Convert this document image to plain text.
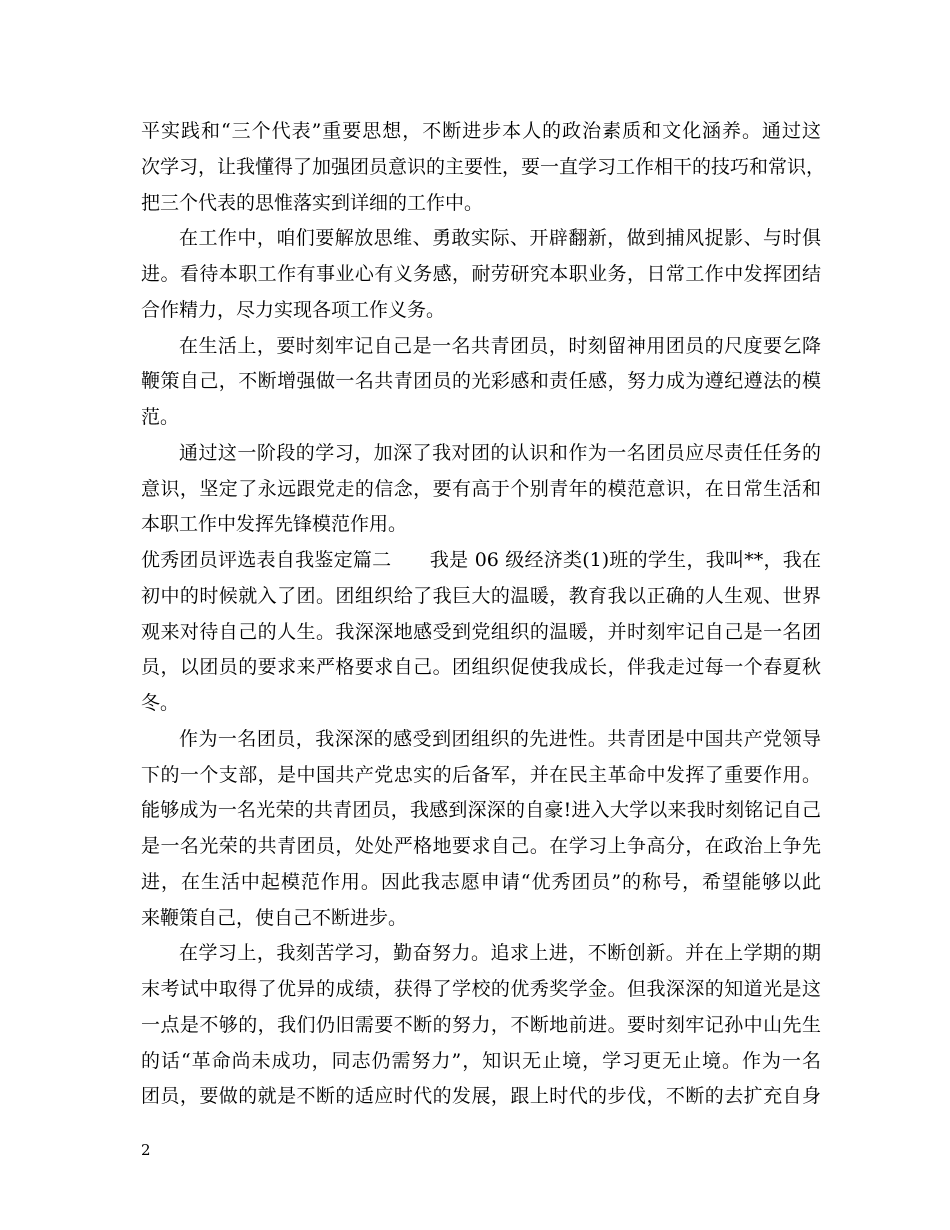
平实践和“三个代表”重要思想，不断进步本人的政治素质和文化涵养。通过这
次学习，让我懂得了加强团员意识的主要性，要一直学习工作相干的技巧和常识，
把三个代表的思惟落实到详细的工作中。
在工作中，咱们要解放思维、勇敢实际、开辟翻新，做到捕风捉影、与时俱
进。看待本职工作有事业心有义务感，耐劳研究本职业务，日常工作中发挥团结
合作精力，尽力实现各项工作义务。
在生活上，要时刻牢记自己是一名共青团员，时刻留神用团员的尺度要乞降
鞭策自己，不断增强做一名共青团员的光彩感和责任感，努力成为遵纪遵法的模
范。
通过这一阶段的学习，加深了我对团的认识和作为一名团员应尽责任任务的
意识，坚定了永远跟党走的信念，要有高于个别青年的模范意识，在日常生活和
本职工作中发挥先锋模范作用。
优秀团员评选表自我鉴定篇二　　我是 06 级经济类(1)班的学生，我叫**，我在
初中的时候就入了团。团组织给了我巨大的温暖，教育我以正确的人生观、世界
观来对待自己的人生。我深深地感受到党组织的温暖，并时刻牢记自己是一名团
员，以团员的要求来严格要求自己。团组织促使我成长，伴我走过每一个春夏秋
冬。
作为一名团员，我深深的感受到团组织的先进性。共青团是中国共产党领导
下的一个支部，是中国共产党忠实的后备军，并在民主革命中发挥了重要作用。
能够成为一名光荣的共青团员，我感到深深的自豪!进入大学以来我时刻铭记自己
是一名光荣的共青团员，处处严格地要求自己。在学习上争高分，在政治上争先
进，在生活中起模范作用。因此我志愿申请“优秀团员”的称号，希望能够以此
来鞭策自己，使自己不断进步。
在学习上，我刻苦学习，勤奋努力。追求上进，不断创新。并在上学期的期
末考试中取得了优异的成绩，获得了学校的优秀奖学金。但我深深的知道光是这
一点是不够的，我们仍旧需要不断的努力，不断地前进。要时刻牢记孙中山先生
的话“革命尚未成功，同志仍需努力”，知识无止境，学习更无止境。作为一名
团员，要做的就是不断的适应时代的发展，跟上时代的步伐，不断的去扩充自身
2
